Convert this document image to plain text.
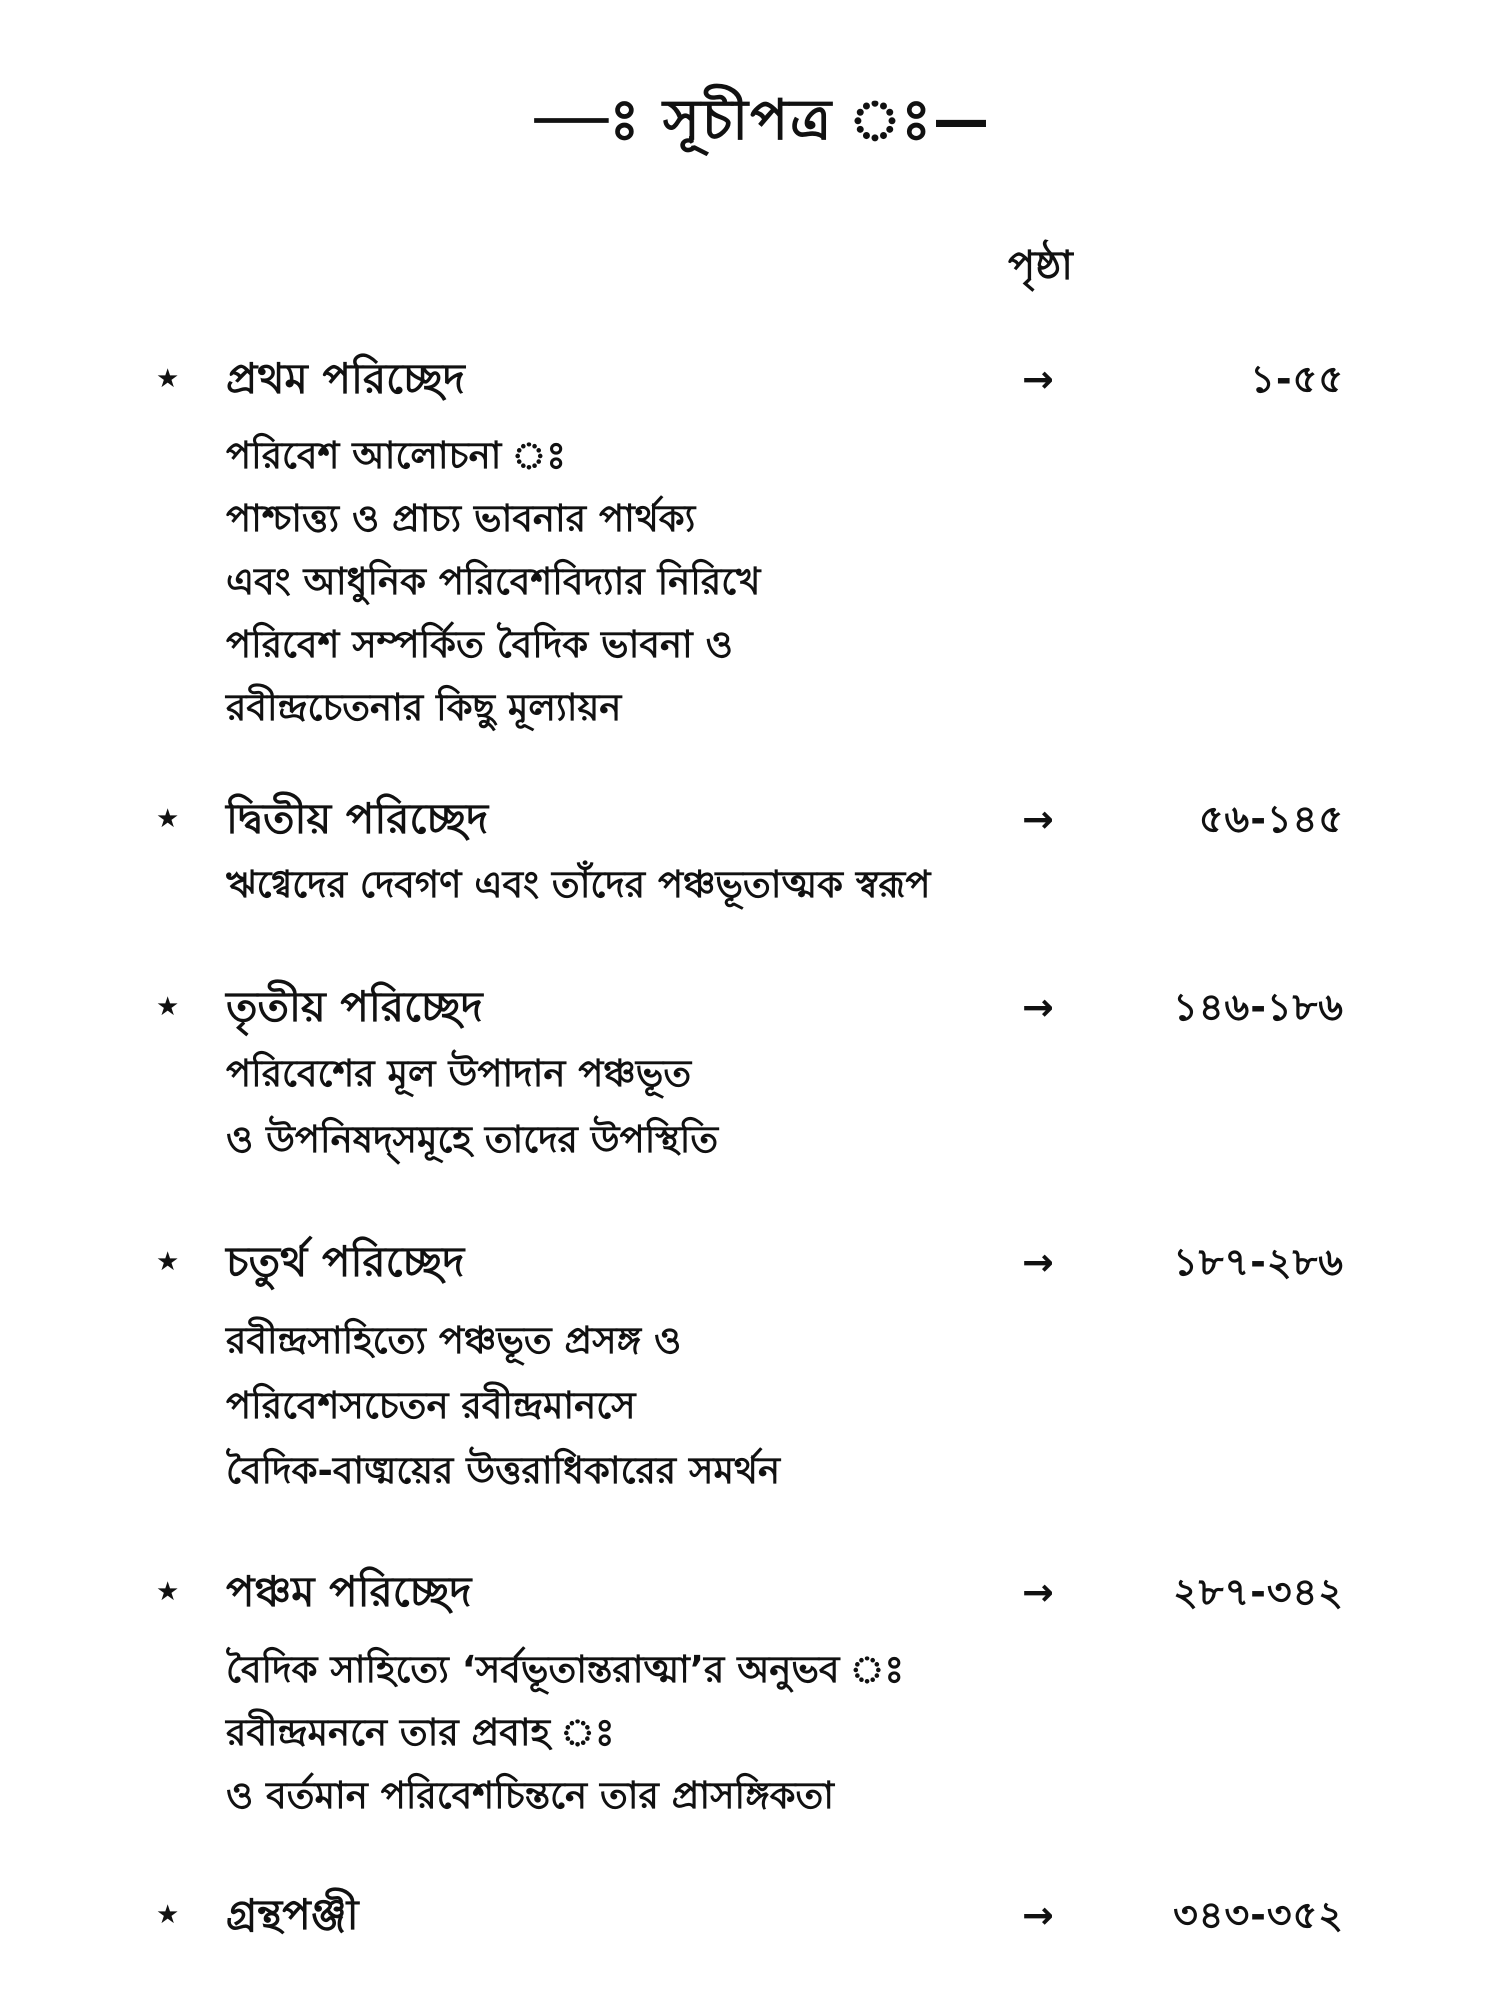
—ঃ সূচীপত্র ঃ—
পৃষ্ঠা
★ প্রথম পরিচ্ছেদ	→	১-৫৫
পরিবেশ আলোচনা ঃ
পাশ্চাত্ত্য ও প্রাচ্য ভাবনার পার্থক্য
এবং আধুনিক পরিবেশবিদ্যার নিরিখে
পরিবেশ সম্পর্কিত বৈদিক ভাবনা ও
রবীন্দ্রচেতনার কিছু মূল্যায়ন
★ দ্বিতীয় পরিচ্ছেদ	→	৫৬-১৪৫
ঋগ্বেদের দেবগণ এবং তাঁদের পঞ্চভূতাত্মক স্বরূপ
★ তৃতীয় পরিচ্ছেদ	→	১৪৬-১৮৬
পরিবেশের মূল উপাদান পঞ্চভূত
ও উপনিষদ্সমূহে তাদের উপস্থিতি
★ চতুর্থ পরিচ্ছেদ	→	১৮৭-২৮৬
রবীন্দ্রসাহিত্যে পঞ্চভূত প্রসঙ্গ ও
পরিবেশসচেতন রবীন্দ্রমানসে
বৈদিক-বাঙ্ময়ের উত্তরাধিকারের সমর্থন
★ পঞ্চম পরিচ্ছেদ	→	২৮৭-৩৪২
বৈদিক সাহিত্যে ‘সর্বভূতান্তরাত্মা’র অনুভব ঃ
রবীন্দ্রমননে তার প্রবাহ ঃ
ও বর্তমান পরিবেশচিন্তনে তার প্রাসঙ্গিকতা
★ গ্রন্থপঞ্জী	→	৩৪৩-৩৫২
